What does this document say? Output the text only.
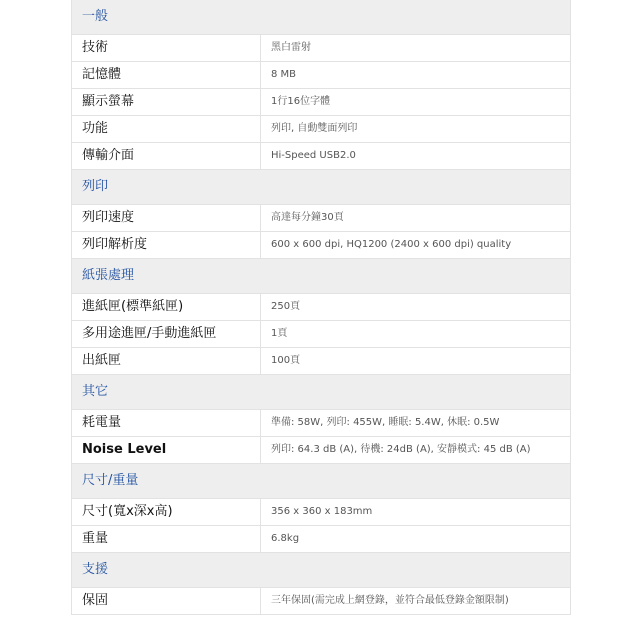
一般
技術	黑白雷射
記憶體	8 MB
顯示螢幕	1行16位字體
功能	列印, 自動雙面列印
傳輸介面	Hi-Speed USB2.0
列印
列印速度	高達每分鐘30頁
列印解析度	600 x 600 dpi, HQ1200 (2400 x 600 dpi) quality
紙張處理
進紙匣(標準紙匣)	250頁
多用途進匣/手動進紙匣	1頁
出紙匣	100頁
其它
耗電量	準備: 58W, 列印: 455W, 睡眠: 5.4W, 休眠: 0.5W
Noise Level	列印: 64.3 dB (A), 待機: 24dB (A), 安靜模式: 45 dB (A)
尺寸/重量
尺寸(寬x深x高)	356 x 360 x 183mm
重量	6.8kg
支援
保固	三年保固(需完成上網登錄，並符合最低登錄金額限制)
